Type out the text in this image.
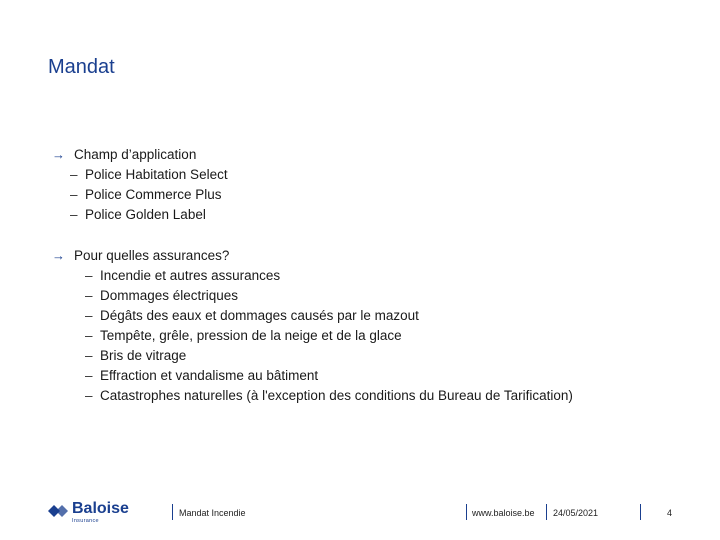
Mandat
→ Champ d’application
– Police Habitation Select
– Police Commerce Plus
– Police Golden Label
→ Pour quelles assurances?
– Incendie et autres assurances
– Dommages électriques
– Dégâts des eaux et dommages causés par le mazout
– Tempête, grêle, pression de la neige et de la glace
– Bris de vitrage
– Effraction et vandalisme au bâtiment
– Catastrophes naturelles (à l'exception des conditions du Bureau de Tarification)
Baloise
Insurance
Mandat Incendie	www.baloise.be 24/05/2021	4
